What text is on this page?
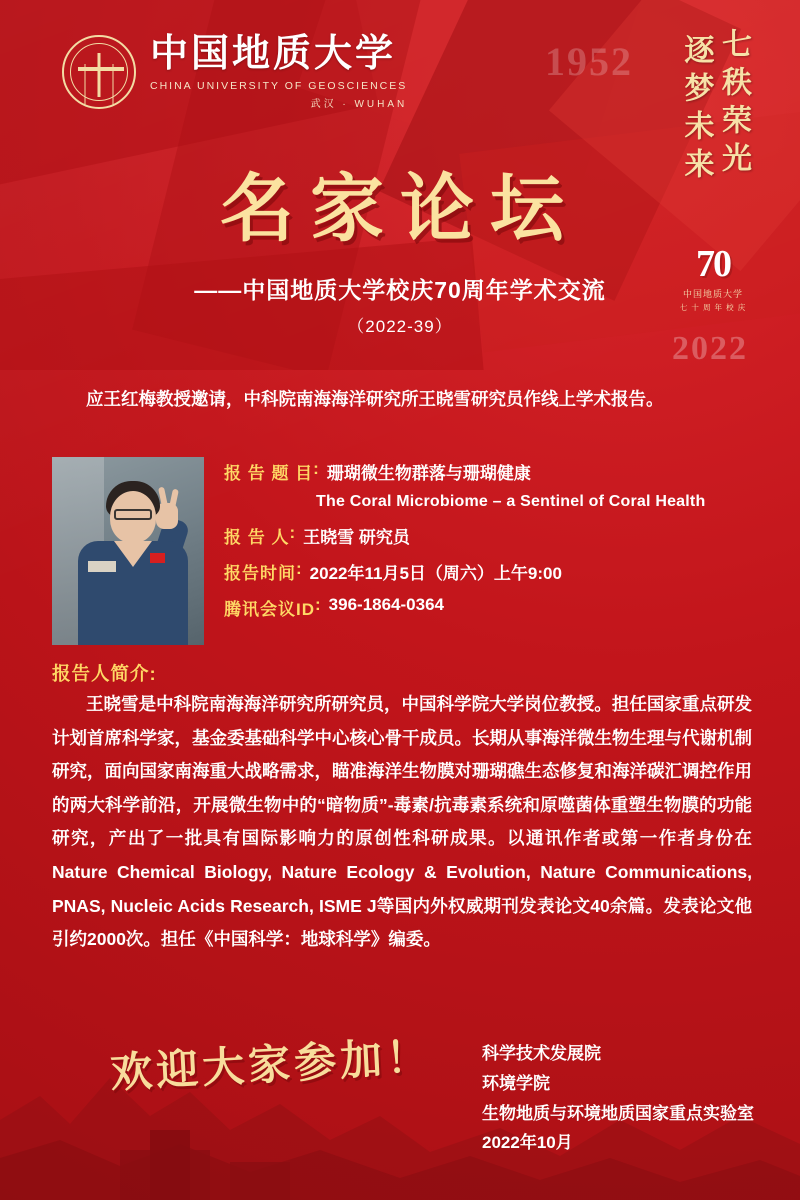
1952
2022
中国地质大学
CHINA UNIVERSITY OF GEOSCIENCES
武汉 · WUHAN	七秩荣光
逐梦未来
70
中国地质大学
七 十 周 年 校 庆
名家论坛
——中国地质大学校庆70周年学术交流
（2022-39）
应王红梅教授邀请，中科院南海海洋研究所王晓雪研究员作线上学术报告。
报 告 题 目 : 珊瑚微生物群落与珊瑚健康
The Coral Microbiome – a Sentinel of Coral Health
报 告 人 : 王晓雪 研究员
报告时间 : 2022年11月5日（周六）上午9:00
腾讯会议ID : 396-1864-0364
报告人简介:
王晓雪是中科院南海海洋研究所研究员，中国科学院大学岗位教授。担任国家重点研发计划首席科学家，基金委基础科学中心核心骨干成员。长期从事海洋微生物生理与代谢机制研究，面向国家南海重大战略需求，瞄准海洋生物膜对珊瑚礁生态修复和海洋碳汇调控作用的两大科学前沿，开展微生物中的“暗物质”-毒素/抗毒素系统和原噬菌体重塑生物膜的功能研究，产出了一批具有国际影响力的原创性科研成果。以通讯作者或第一作者身份在Nature Chemical Biology, Nature Ecology & Evolution, Nature Communications, PNAS, Nucleic Acids Research, ISME J等国内外权威期刊发表论文40余篇。发表论文他引约2000次。担任《中国科学：地球科学》编委。
欢迎大家参加！	科学技术发展院
环境学院
生物地质与环境地质国家重点实验室
2022年10月
